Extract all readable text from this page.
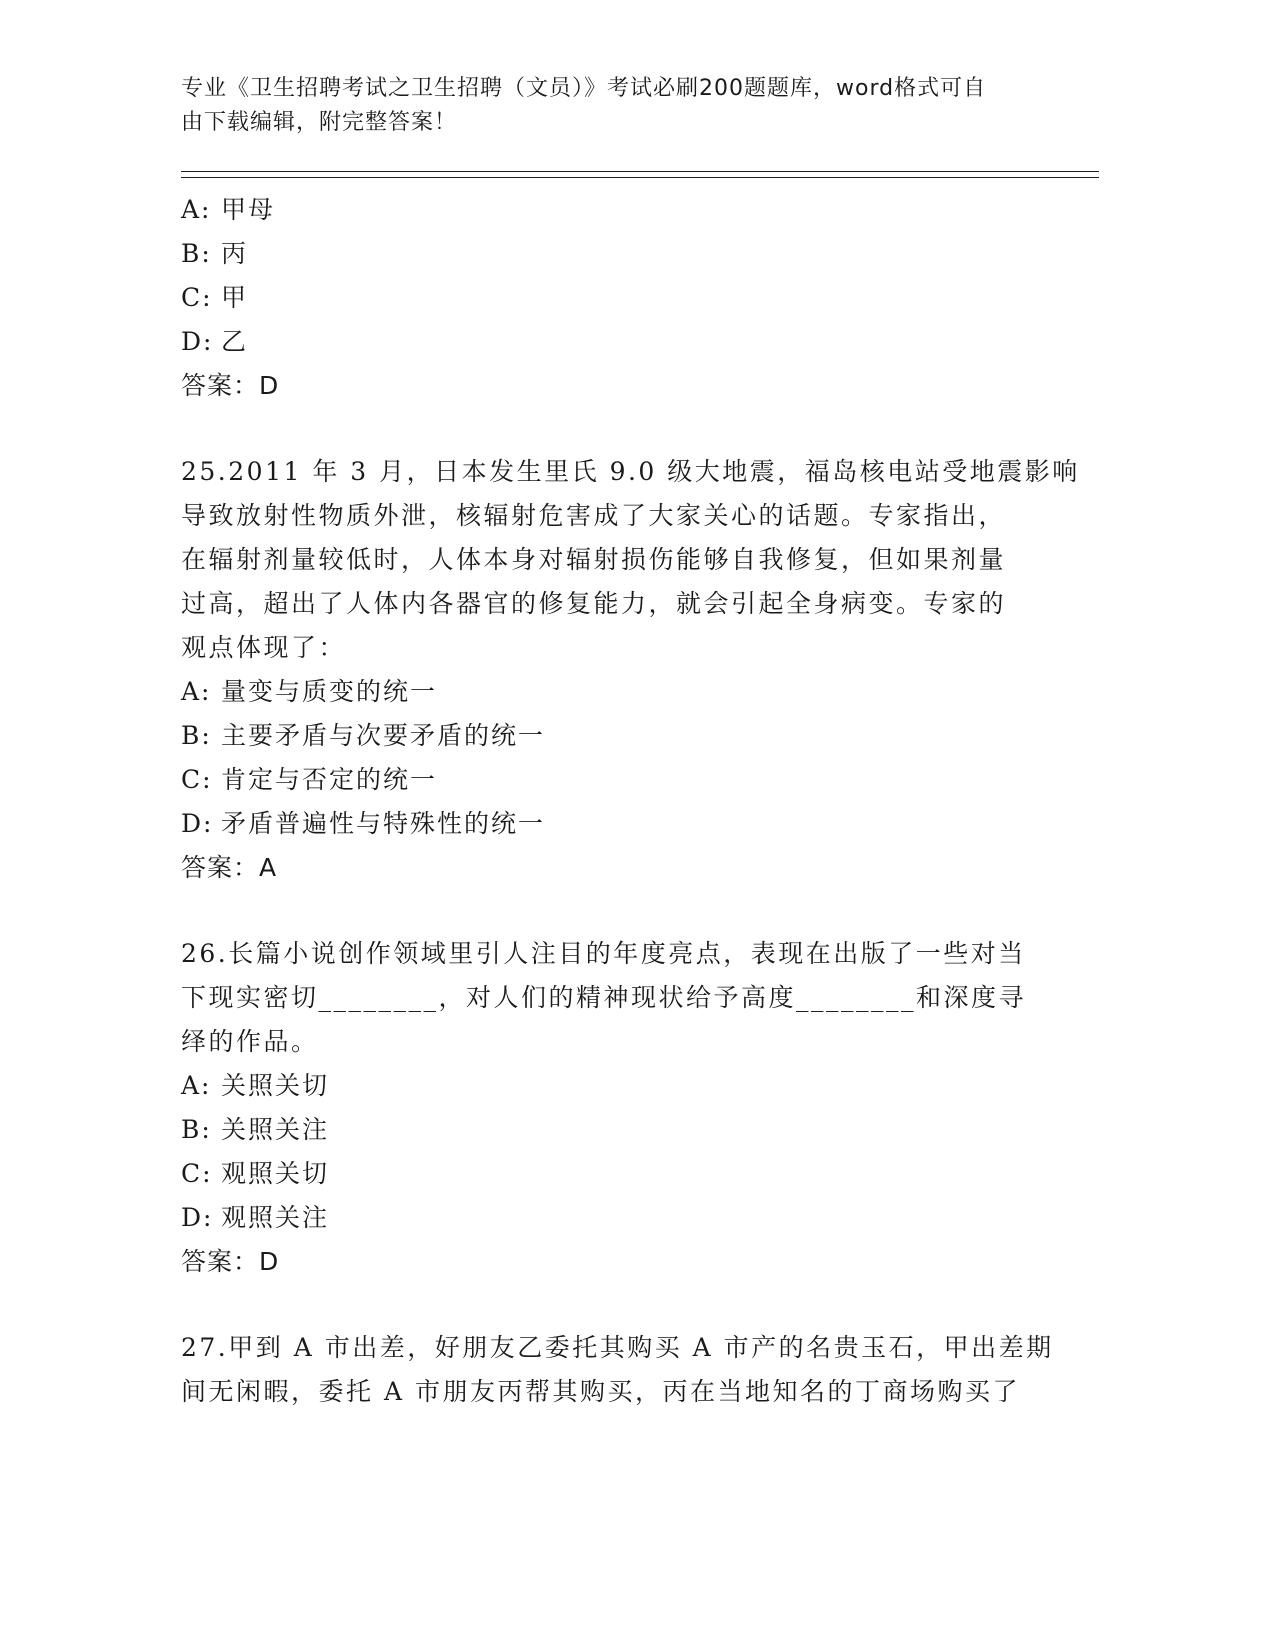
专业《卫生招聘考试之卫生招聘（文员）》考试必刷200题题库，word格式可自
由下载编辑，附完整答案！
A: 甲母
B: 丙
C: 甲
D: 乙
答案：D
25.2011 年 3 月，日本发生里氏 9.0 级大地震，福岛核电站受地震影响
导致放射性物质外泄，核辐射危害成了大家关心的话题。专家指出，
在辐射剂量较低时，人体本身对辐射损伤能够自我修复，但如果剂量
过高，超出了人体内各器官的修复能力，就会引起全身病变。专家的
观点体现了：
A: 量变与质变的统一
B: 主要矛盾与次要矛盾的统一
C: 肯定与否定的统一
D: 矛盾普遍性与特殊性的统一
答案：A
26.长篇小说创作领域里引人注目的年度亮点，表现在出版了一些对当
下现实密切________，对人们的精神现状给予高度________和深度寻
绎的作品。
A: 关照关切
B: 关照关注
C: 观照关切
D: 观照关注
答案：D
27.甲到 A 市出差，好朋友乙委托其购买 A 市产的名贵玉石，甲出差期
间无闲暇，委托 A 市朋友丙帮其购买，丙在当地知名的丁商场购买了
